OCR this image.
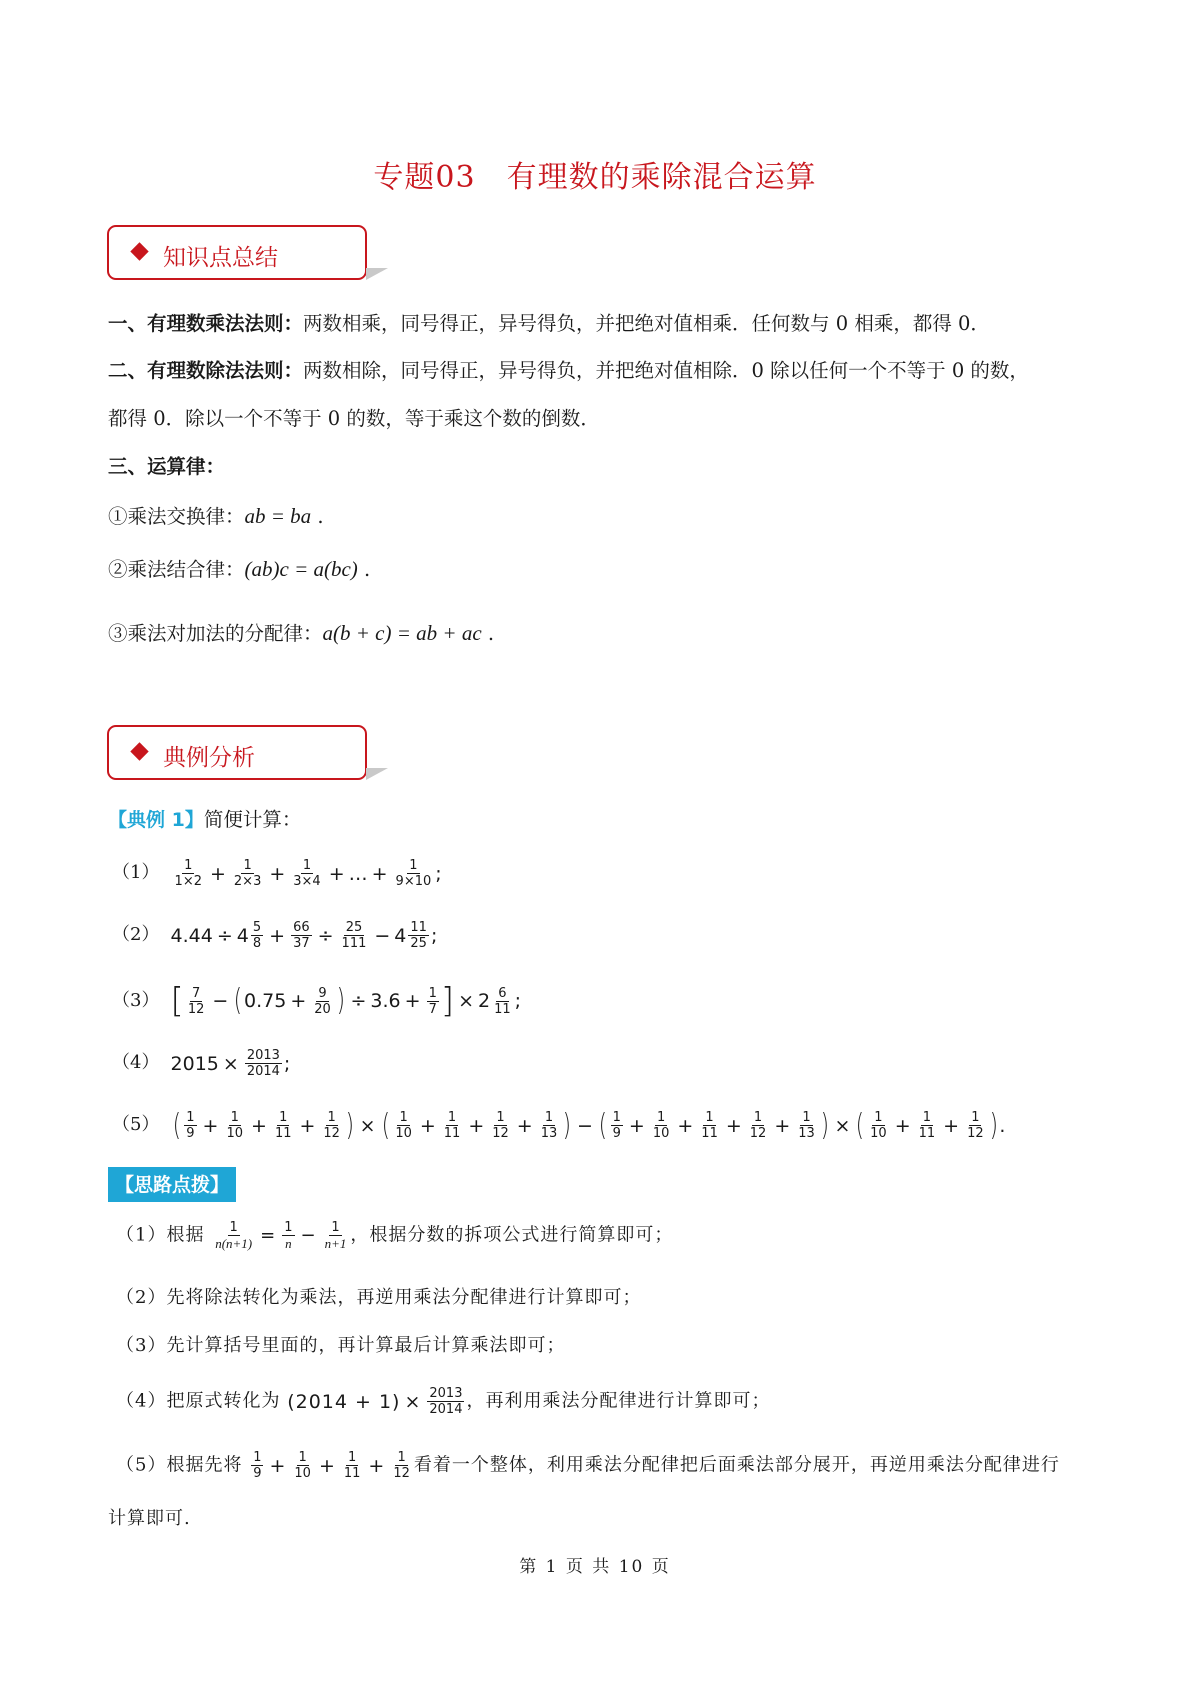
专题03　有理数的乘除混合运算
知识点总结
一、有理数乘法法则：两数相乘，同号得正，异号得负，并把绝对值相乘．任何数与 0 相乘，都得 0．
二、有理数除法法则：两数相除，同号得正，异号得负，并把绝对值相除．0 除以任何一个不等于 0 的数，
都得 0．除以一个不等于 0 的数，等于乘这个数的倒数．
三、运算律：
①乘法交换律：ab = ba .
②乘法结合律：(ab)c = a(bc) .
③乘法对加法的分配律：a(b + c) = ab + ac .
典例分析
【典例 1】简便计算：
$(1) \frac{1}{1\times 2} + \frac{1}{2\times 3} + \frac{1}{3\times 4}$ + … + $\frac{1}{9\times 10}$ ;
（2） $4.44 \div 4 \frac{5}{8} + \frac{66}{37} \div \frac{25}{111} - 4 \frac{11}{25}$ ;
（3） [ $\frac{7}{12}$ − ( $0.75 + \frac{9}{20}$ ) ÷ $3.6 + \frac{1}{7}$ ] × $2 \frac{6}{11}$ ;
（4） $2015 \times \frac{2013}{2014}$ ;
（5） ( $\frac{1}{9} + \frac{1}{10} + \frac{1}{11} + \frac{1}{12}$ ) × ( $\frac{1}{10} + \frac{1}{11} + \frac{1}{12} + \frac{1}{13}$ ) − ( $\frac{1}{9} + \frac{1}{10} + \frac{1}{11} + \frac{1}{12} + \frac{1}{13}$ ) × ( $\frac{1}{10} + \frac{1}{11} + \frac{1}{12}$ ) .
【思路点拨】
（1）根据 $\frac{1}{n(n+1)} = \frac{1}{n} - \frac{1}{n+1}$ ，根据分数的拆项公式进行简算即可；
（2）先将除法转化为乘法，再逆用乘法分配律进行计算即可；
（3）先计算括号里面的，再计算最后计算乘法即可；
（4）把原式转化为 $(2014 + 1) \times \frac{2013}{2014}$ ，再利用乘法分配律进行计算即可；
（5）根据先将 $\frac{1}{9} + \frac{1}{10} + \frac{1}{11} + \frac{1}{12}$ 看着一个整体，利用乘法分配律把后面乘法部分展开，再逆用乘法分配律进行
计算即可.
第 1 页 共 10 页
